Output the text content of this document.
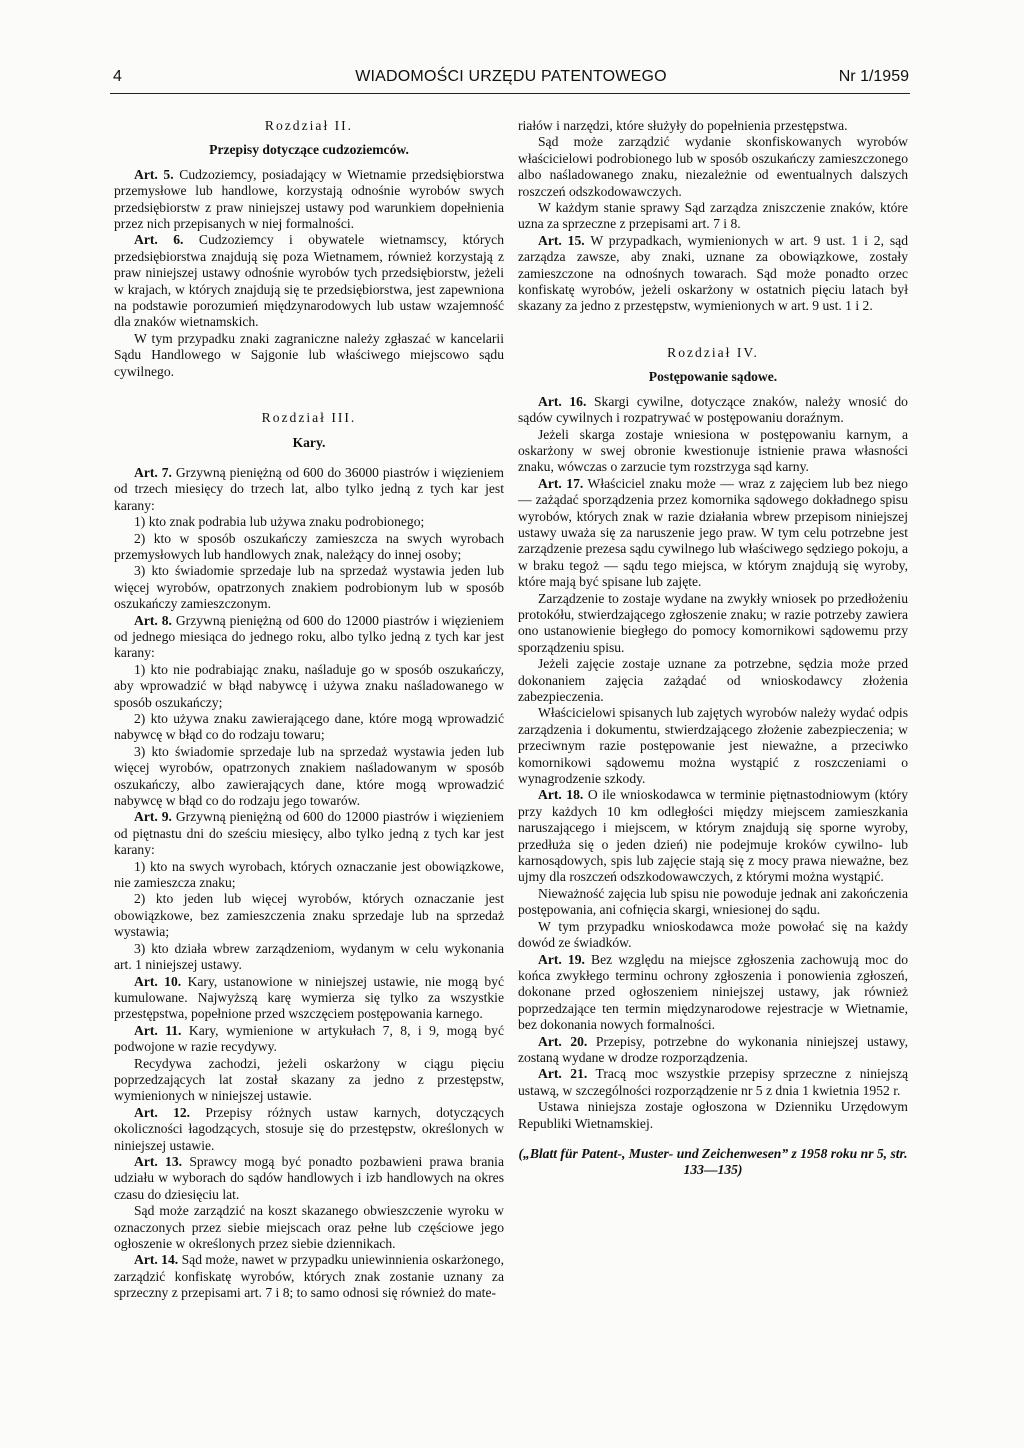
4	WIADOMOŚCI URZĘDU PATENTOWEGO	Nr 1/1959

Rozdział II.

Przepisy dotyczące cudzoziemców.

Art. 5. Cudzoziemcy, posiadający w Wietnamie przedsiębiorstwa przemysłowe lub handlowe, korzystają odnośnie wyrobów swych przedsiębiorstw z praw niniejszej ustawy pod warunkiem dopełnienia przez nich przepisanych w niej formalności.

Art. 6. Cudzoziemcy i obywatele wietnamscy, których przedsiębiorstwa znajdują się poza Wietnamem, również korzystają z praw niniejszej ustawy odnośnie wyrobów tych przedsiębiorstw, jeżeli w krajach, w których znajdują się te przedsiębiorstwa, jest zapewniona na podstawie porozumień międzynarodowych lub ustaw wzajemność dla znaków wietnamskich.

W tym przypadku znaki zagraniczne należy zgłaszać w kancelarii Sądu Handlowego w Sajgonie lub właściwego miejscowo sądu cywilnego.

Rozdział III.

Kary.

Art. 7. Grzywną pieniężną od 600 do 36000 piastrów i więzieniem od trzech miesięcy do trzech lat, albo tylko jedną z tych kar jest karany:

1) kto znak podrabia lub używa znaku podrobionego;

2) kto w sposób oszukańczy zamieszcza na swych wyrobach przemysłowych lub handlowych znak, należący do innej osoby;

3) kto świadomie sprzedaje lub na sprzedaż wystawia jeden lub więcej wyrobów, opatrzonych znakiem podrobionym lub w sposób oszukańczy zamieszczonym.

Art. 8. Grzywną pieniężną od 600 do 12000 piastrów i więzieniem od jednego miesiąca do jednego roku, albo tylko jedną z tych kar jest karany:

1) kto nie podrabiając znaku, naśladuje go w sposób oszukańczy, aby wprowadzić w błąd nabywcę i używa znaku naśladowanego w sposób oszukańczy;

2) kto używa znaku zawierającego dane, które mogą wprowadzić nabywcę w błąd co do rodzaju towaru;

3) kto świadomie sprzedaje lub na sprzedaż wystawia jeden lub więcej wyrobów, opatrzonych znakiem naśladowanym w sposób oszukańczy, albo zawierających dane, które mogą wprowadzić nabywcę w błąd co do rodzaju jego towarów.

Art. 9. Grzywną pieniężną od 600 do 12000 piastrów i więzieniem od piętnastu dni do sześciu miesięcy, albo tylko jedną z tych kar jest karany:

1) kto na swych wyrobach, których oznaczanie jest obowiązkowe, nie zamieszcza znaku;

2) kto jeden lub więcej wyrobów, których oznaczanie jest obowiązkowe, bez zamieszczenia znaku sprzedaje lub na sprzedaż wystawia;

3) kto działa wbrew zarządzeniom, wydanym w celu wykonania art. 1 niniejszej ustawy.

Art. 10. Kary, ustanowione w niniejszej ustawie, nie mogą być kumulowane. Najwyższą karę wymierza się tylko za wszystkie przestępstwa, popełnione przed wszczęciem postępowania karnego.

Art. 11. Kary, wymienione w artykułach 7, 8, i 9, mogą być podwojone w razie recydywy.

Recydywa zachodzi, jeżeli oskarżony w ciągu pięciu poprzedzających lat został skazany za jedno z przestępstw, wymienionych w niniejszej ustawie.

Art. 12. Przepisy różnych ustaw karnych, dotyczących okoliczności łagodzących, stosuje się do przestępstw, określonych w niniejszej ustawie.

Art. 13. Sprawcy mogą być ponadto pozbawieni prawa brania udziału w wyborach do sądów handlowych i izb handlowych na okres czasu do dziesięciu lat.

Sąd może zarządzić na koszt skazanego obwieszczenie wyroku w oznaczonych przez siebie miejscach oraz pełne lub częściowe jego ogłoszenie w określonych przez siebie dziennikach.

Art. 14. Sąd może, nawet w przypadku uniewinnienia oskarżonego, zarządzić konfiskatę wyrobów, których znak zostanie uznany za sprzeczny z przepisami art. 7 i 8; to samo odnosi się również do mate-

riałów i narzędzi, które służyły do popełnienia przestępstwa.

Sąd może zarządzić wydanie skonfiskowanych wyrobów właścicielowi podrobionego lub w sposób oszukańczy zamieszczonego albo naśladowanego znaku, niezależnie od ewentualnych dalszych roszczeń odszkodowawczych.

W każdym stanie sprawy Sąd zarządza zniszczenie znaków, które uzna za sprzeczne z przepisami art. 7 i 8.

Art. 15. W przypadkach, wymienionych w art. 9 ust. 1 i 2, sąd zarządza zawsze, aby znaki, uznane za obowiązkowe, zostały zamieszczone na odnośnych towarach. Sąd może ponadto orzec konfiskatę wyrobów, jeżeli oskarżony w ostatnich pięciu latach był skazany za jedno z przestępstw, wymienionych w art. 9 ust. 1 i 2.

Rozdział IV.

Postępowanie sądowe.

Art. 16. Skargi cywilne, dotyczące znaków, należy wnosić do sądów cywilnych i rozpatrywać w postępowaniu doraźnym.

Jeżeli skarga zostaje wniesiona w postępowaniu karnym, a oskarżony w swej obronie kwestionuje istnienie prawa własności znaku, wówczas o zarzucie tym rozstrzyga sąd karny.

Art. 17. Właściciel znaku może — wraz z zajęciem lub bez niego — zażądać sporządzenia przez komornika sądowego dokładnego spisu wyrobów, których znak w razie działania wbrew przepisom niniejszej ustawy uważa się za naruszenie jego praw. W tym celu potrzebne jest zarządzenie prezesa sądu cywilnego lub właściwego sędziego pokoju, a w braku tegoż — sądu tego miejsca, w którym znajdują się wyroby, które mają być spisane lub zajęte.

Zarządzenie to zostaje wydane na zwykły wniosek po przedłożeniu protokółu, stwierdzającego zgłoszenie znaku; w razie potrzeby zawiera ono ustanowienie biegłego do pomocy komornikowi sądowemu przy sporządzeniu spisu.

Jeżeli zajęcie zostaje uznane za potrzebne, sędzia może przed dokonaniem zajęcia zażądać od wnioskodawcy złożenia zabezpieczenia.

Właścicielowi spisanych lub zajętych wyrobów należy wydać odpis zarządzenia i dokumentu, stwierdzającego złożenie zabezpieczenia; w przeciwnym razie postępowanie jest nieważne, a przeciwko komornikowi sądowemu można wystąpić z roszczeniami o wynagrodzenie szkody.

Art. 18. O ile wnioskodawca w terminie piętnastodniowym (który przy każdych 10 km odległości między miejscem zamieszkania naruszającego i miejscem, w którym znajdują się sporne wyroby, przedłuża się o jeden dzień) nie podejmuje kroków cywilno- lub karnosądowych, spis lub zajęcie stają się z mocy prawa nieważne, bez ujmy dla roszczeń odszkodowawczych, z którymi można wystąpić.

Nieważność zajęcia lub spisu nie powoduje jednak ani zakończenia postępowania, ani cofnięcia skargi, wniesionej do sądu.

W tym przypadku wnioskodawca może powołać się na każdy dowód ze świadków.

Art. 19. Bez względu na miejsce zgłoszenia zachowują moc do końca zwykłego terminu ochrony zgłoszenia i ponowienia zgłoszeń, dokonane przed ogłoszeniem niniejszej ustawy, jak również poprzedzające ten termin międzynarodowe rejestracje w Wietnamie, bez dokonania nowych formalności.

Art. 20. Przepisy, potrzebne do wykonania niniejszej ustawy, zostaną wydane w drodze rozporządzenia.

Art. 21. Tracą moc wszystkie przepisy sprzeczne z niniejszą ustawą, w szczególności rozporządzenie nr 5 z dnia 1 kwietnia 1952 r.

Ustawa niniejsza zostaje ogłoszona w Dzienniku Urzędowym Republiki Wietnamskiej.

(„Blatt für Patent-, Muster- und Zeichenwesen” z 1958 roku nr 5, str. 133—135)
